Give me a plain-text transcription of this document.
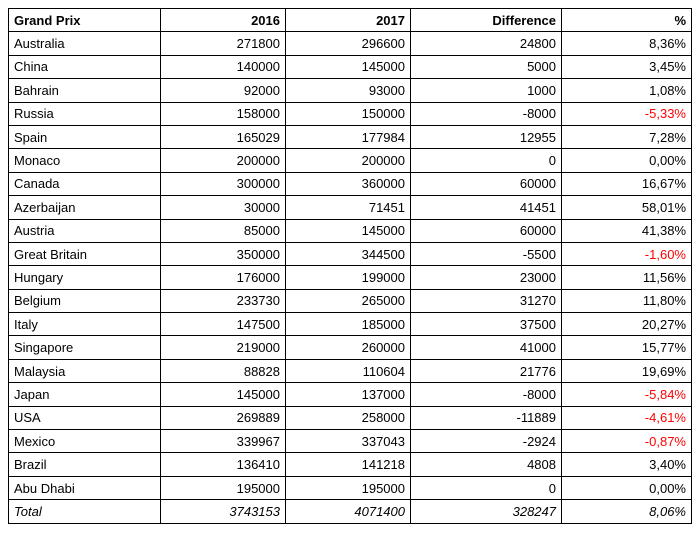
Grand Prix	2016	2017	Difference	%
Australia	271800	296600	24800	8,36%
China	140000	145000	5000	3,45%
Bahrain	92000	93000	1000	1,08%
Russia	158000	150000	-8000	-5,33%
Spain	165029	177984	12955	7,28%
Monaco	200000	200000	0	0,00%
Canada	300000	360000	60000	16,67%
Azerbaijan	30000	71451	41451	58,01%
Austria	85000	145000	60000	41,38%
Great Britain	350000	344500	-5500	-1,60%
Hungary	176000	199000	23000	11,56%
Belgium	233730	265000	31270	11,80%
Italy	147500	185000	37500	20,27%
Singapore	219000	260000	41000	15,77%
Malaysia	88828	110604	21776	19,69%
Japan	145000	137000	-8000	-5,84%
USA	269889	258000	-11889	-4,61%
Mexico	339967	337043	-2924	-0,87%
Brazil	136410	141218	4808	3,40%
Abu Dhabi	195000	195000	0	0,00%
Total	3743153	4071400	328247	8,06%
